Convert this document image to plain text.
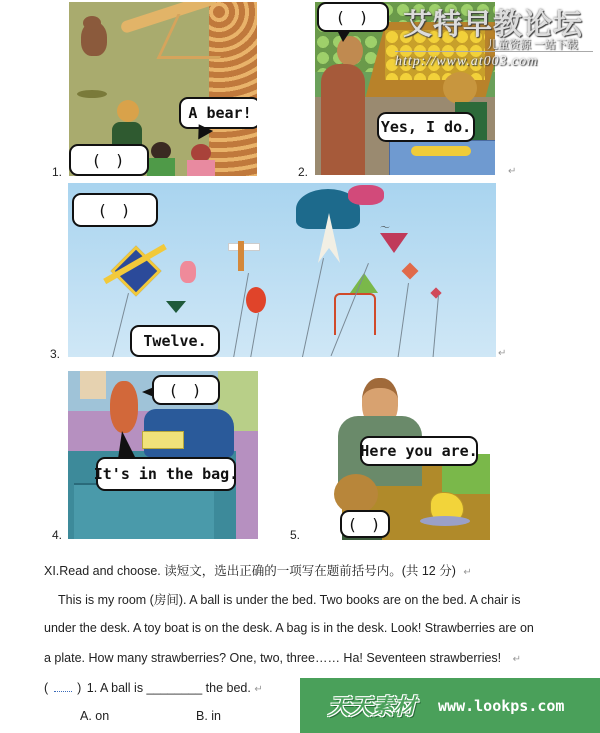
A bear!
( )
1.
( )
Yes, I do.
2.	↵
艾特早教论坛
儿童资源 一站下载
http://www.at003.com
〜
( )
Twelve.
3.	↵
( )
It's in the bag.
4.
Here you are.
( )
5.
XI.Read and choose. 读短文，选出正确的一项写在题前括号内。(共 12 分) ↵
This is my room (房间). A ball is under the bed. Two books are on the bed. A chair is
under the desk. A toy boat is on the desk. A bag is in the desk. Look! Strawberries are on
a plate. How many strawberries? One, two, three…… Ha! Seventeen strawberries! ↵
( ) 1. A ball is ________ the bed. ↵
A. on	B. in	天天素材 www.lookps.com
